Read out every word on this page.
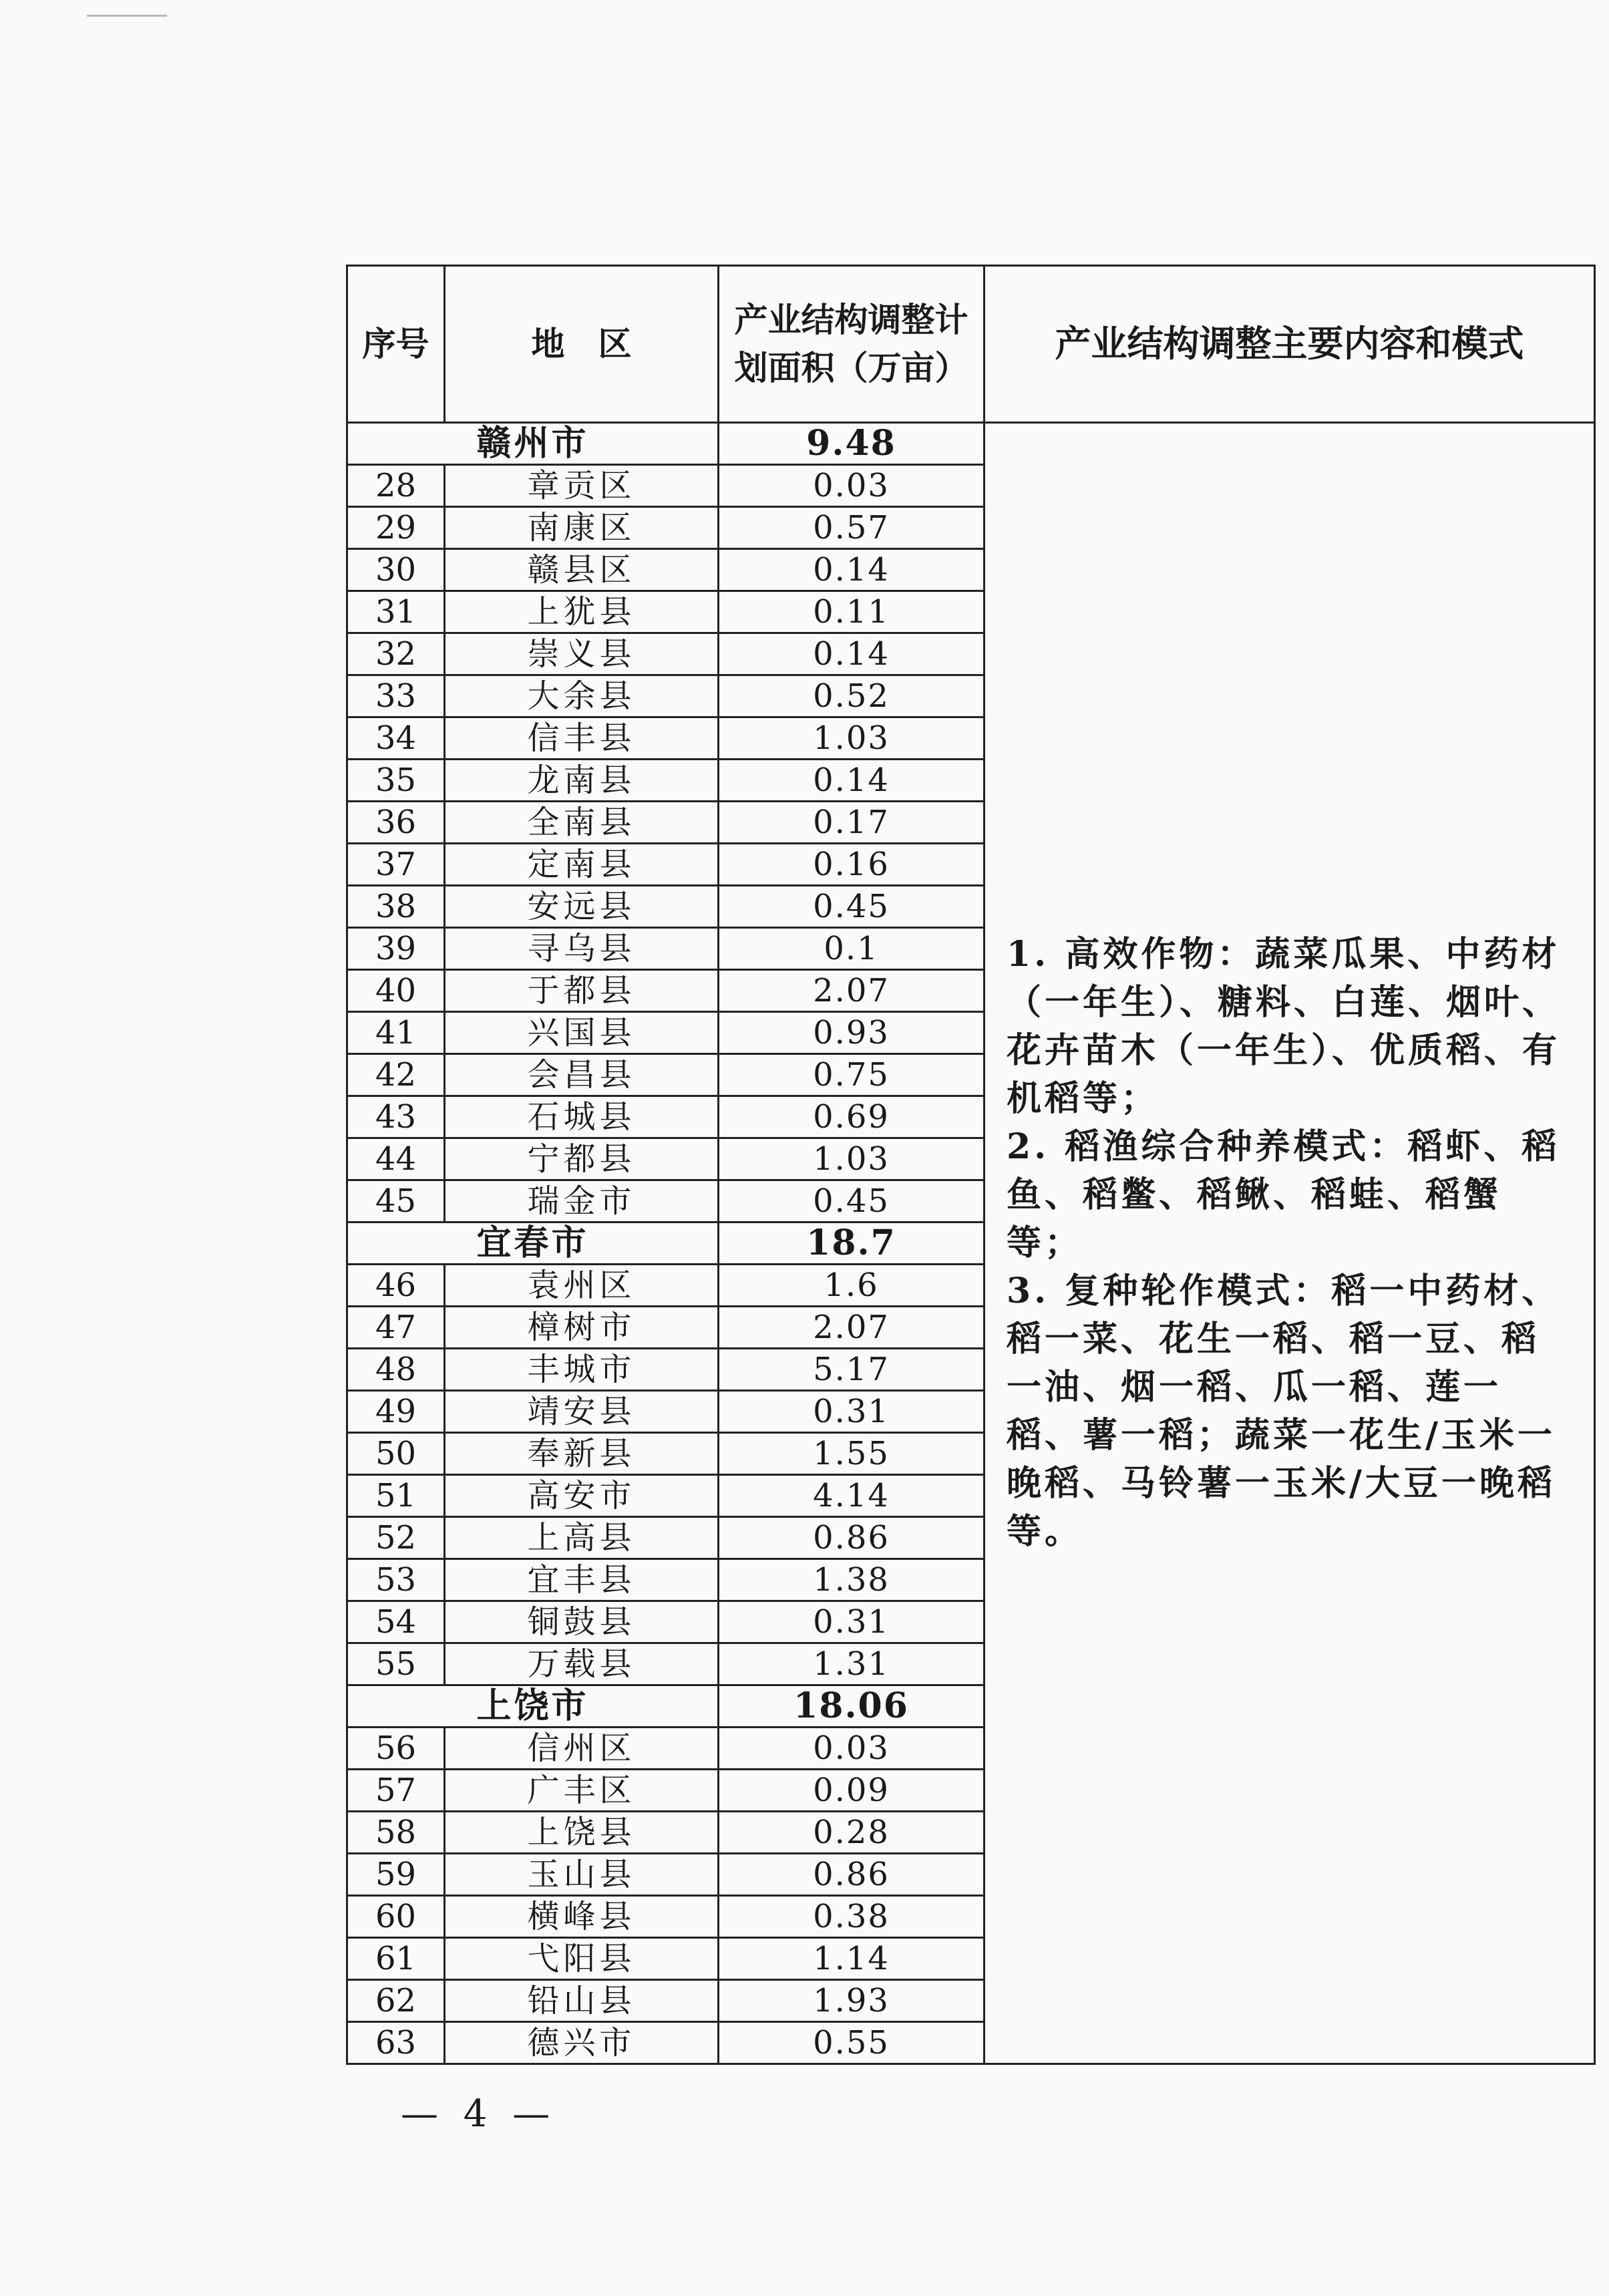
序号	地　区	产业结构调整计划面积（万亩）	产业结构调整主要内容和模式
赣州市		9.48	1. 高效作物：蔬菜瓜果、中药材（一年生）、糖料、白莲、烟叶、花卉苗木（一年生）、优质稻、有机稻等；

2. 稻渔综合种养模式：稻虾、稻鱼、稻鳖、稻鳅、稻蛙、稻蟹等；

3. 复种轮作模式：稻一中药材、稻一菜、花生一稻、稻一豆、稻一油、烟一稻、瓜一稻、莲一稻、薯一稻；蔬菜一花生/玉米一晚稻、马铃薯一玉米/大豆一晚稻等。

28	章贡区	0.03	
29	南康区	0.57	
30	赣县区	0.14	
31	上犹县	0.11	
32	崇义县	0.14	
33	大余县	0.52	
34	信丰县	1.03	
35	龙南县	0.14	
36	全南县	0.17	
37	定南县	0.16	
38	安远县	0.45	
39	寻乌县	0.1	
40	于都县	2.07	
41	兴国县	0.93	
42	会昌县	0.75	
43	石城县	0.69	
44	宁都县	1.03	
45	瑞金市	0.45	
宜春市		18.7	
46	袁州区	1.6	
47	樟树市	2.07	
48	丰城市	5.17	
49	靖安县	0.31	
50	奉新县	1.55	
51	高安市	4.14	
52	上高县	0.86	
53	宜丰县	1.38	
54	铜鼓县	0.31	
55	万载县	1.31	
上饶市		18.06	
56	信州区	0.03	
57	广丰区	0.09	
58	上饶县	0.28	
59	玉山县	0.86	
60	横峰县	0.38	
61	弋阳县	1.14	
62	铅山县	1.93	
63	德兴市	0.55	
— 4 —
